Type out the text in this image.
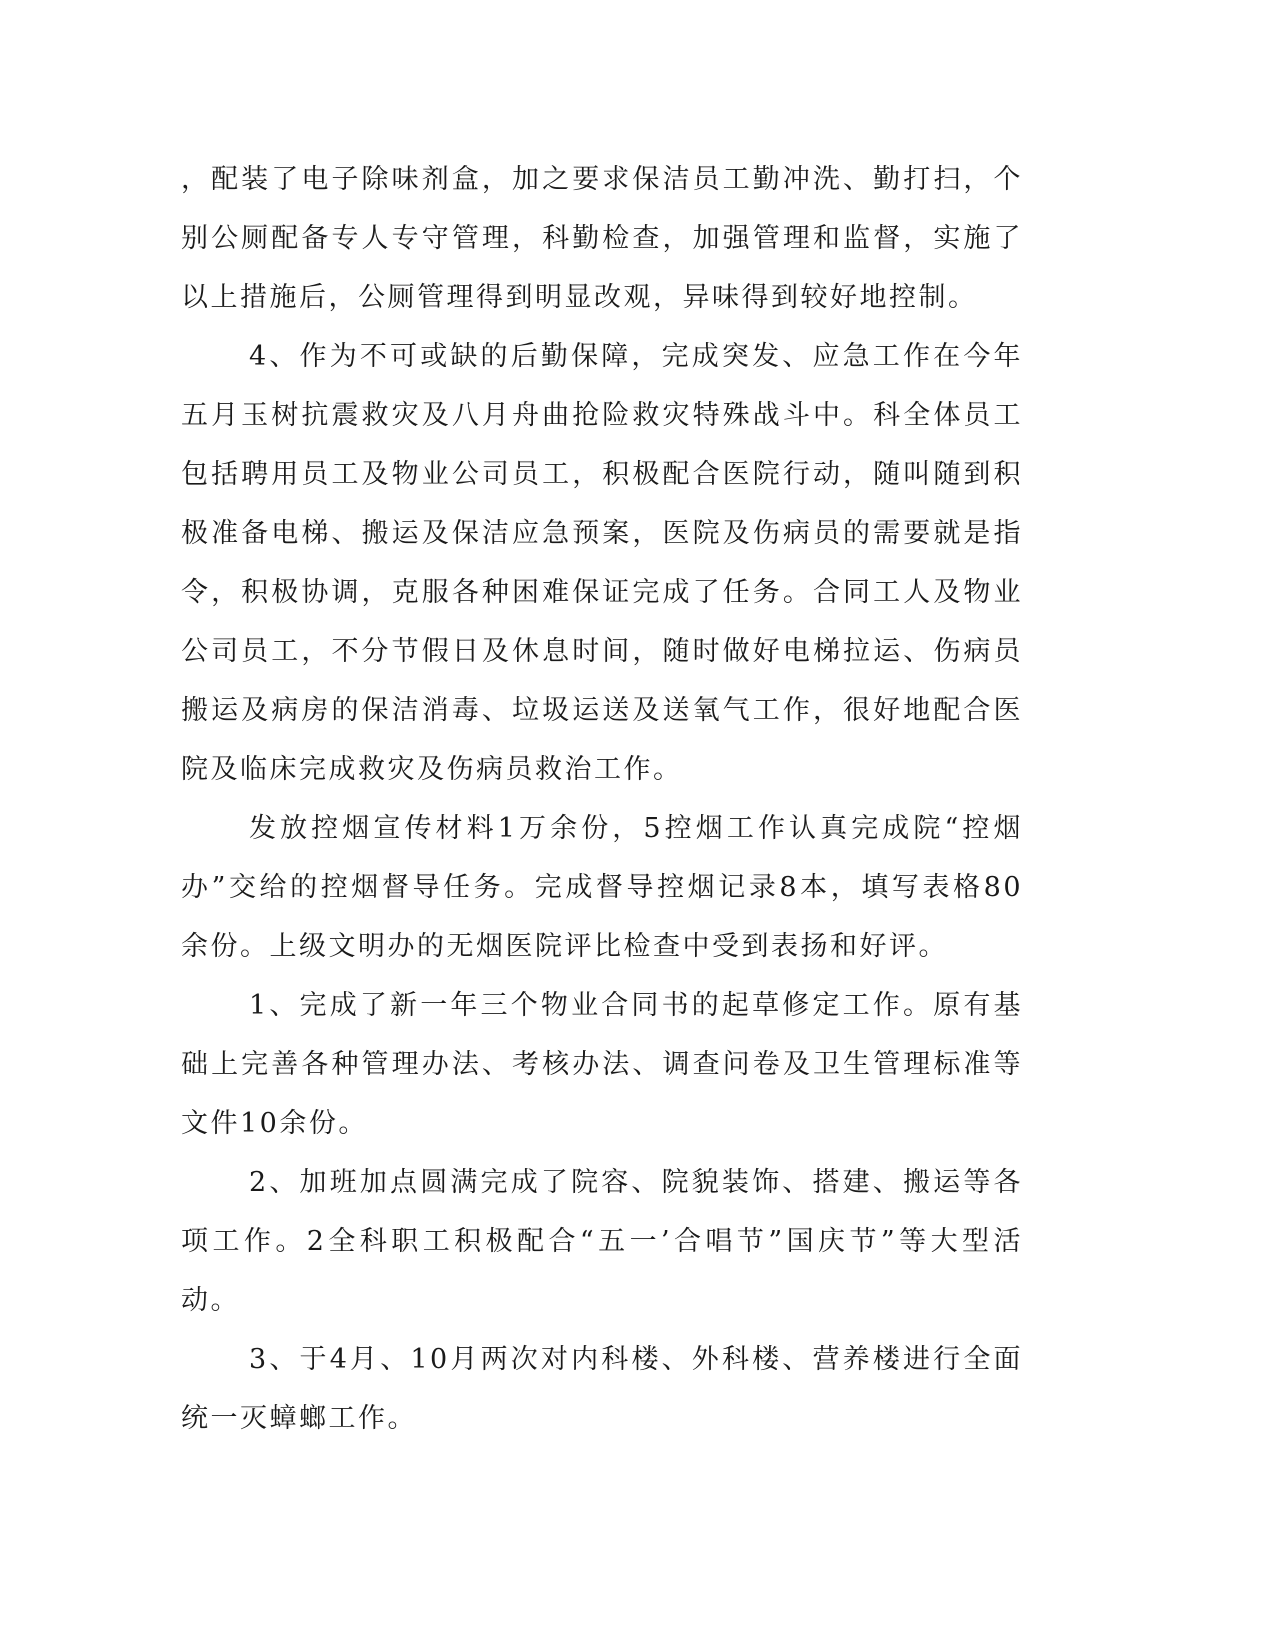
，配装了电子除味剂盒，加之要求保洁员工勤冲洗、勤打扫，个别公厕配备专人专守管理，科勤检查，加强管理和监督，实施了以上措施后，公厕管理得到明显改观，异味得到较好地控制。

4、作为不可或缺的后勤保障，完成突发、应急工作在今年五月玉树抗震救灾及八月舟曲抢险救灾特殊战斗中。科全体员工包括聘用员工及物业公司员工，积极配合医院行动，随叫随到积极准备电梯、搬运及保洁应急预案，医院及伤病员的需要就是指令，积极协调，克服各种困难保证完成了任务。合同工人及物业公司员工，不分节假日及休息时间，随时做好电梯拉运、伤病员搬运及病房的保洁消毒、垃圾运送及送氧气工作，很好地配合医院及临床完成救灾及伤病员救治工作。

发放控烟宣传材料1万余份，5控烟工作认真完成院“控烟办”交给的控烟督导任务。完成督导控烟记录8本，填写表格80余份。上级文明办的无烟医院评比检查中受到表扬和好评。

1、完成了新一年三个物业合同书的起草修定工作。原有基础上完善各种管理办法、考核办法、调查问卷及卫生管理标准等文件10余份。

2、加班加点圆满完成了院容、院貌装饰、搭建、搬运等各项工作。2全科职工积极配合“五一’合唱节”国庆节”等大型活动。

3、于4月、10月两次对内科楼、外科楼、营养楼进行全面统一灭蟑螂工作。
